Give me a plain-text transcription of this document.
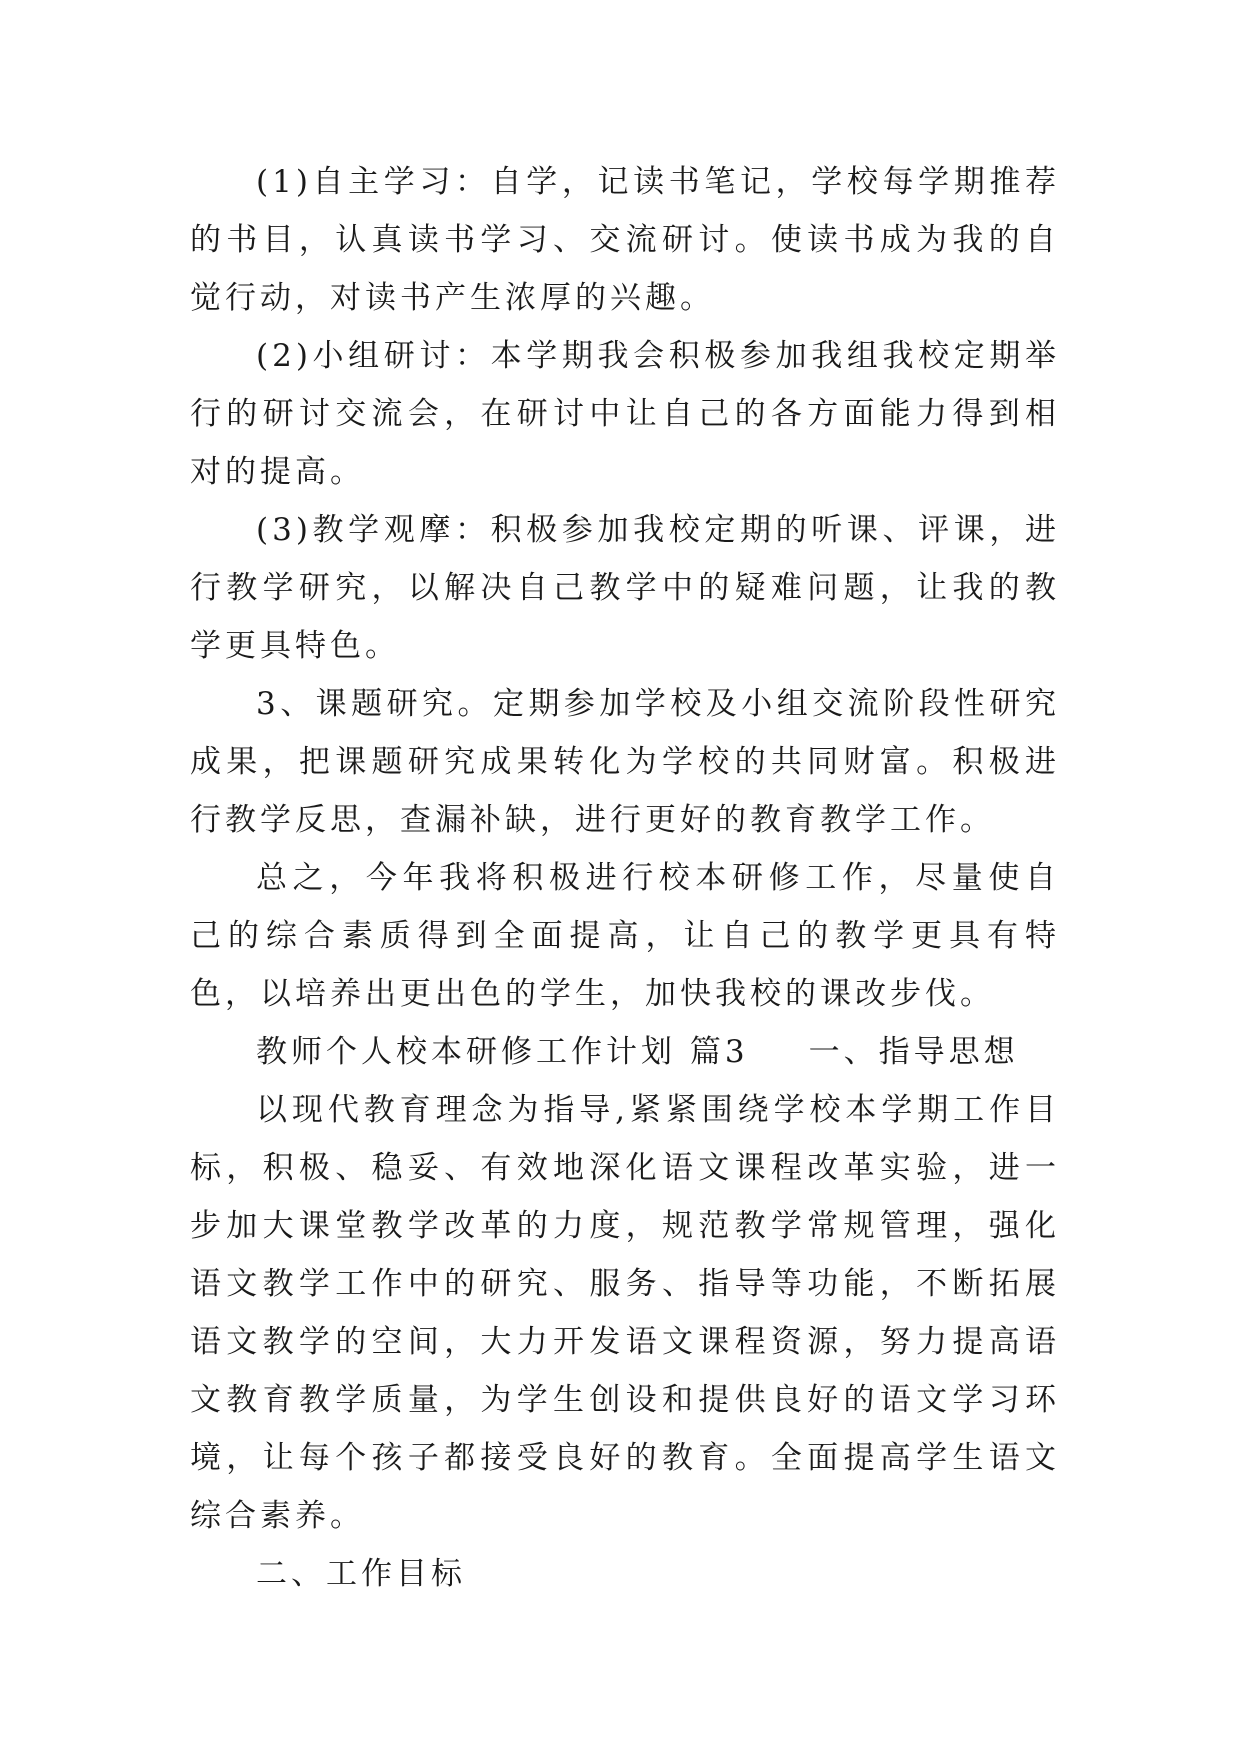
(1)自主学习：自学，记读书笔记，学校每学期推荐的书目，认真读书学习、交流研讨。使读书成为我的自觉行动，对读书产生浓厚的兴趣。

(2)小组研讨：本学期我会积极参加我组我校定期举行的研讨交流会，在研讨中让自己的各方面能力得到相对的提高。

(3)教学观摩：积极参加我校定期的听课、评课，进行教学研究，以解决自己教学中的疑难问题，让我的教学更具特色。

3、课题研究。定期参加学校及小组交流阶段性研究成果，把课题研究成果转化为学校的共同财富。积极进行教学反思，查漏补缺，进行更好的教育教学工作。

总之，今年我将积极进行校本研修工作，尽量使自己的综合素质得到全面提高，让自己的教学更具有特色，以培养出更出色的学生，加快我校的课改步伐。

教师个人校本研修工作计划 篇3 一、指导思想

以现代教育理念为指导,紧紧围绕学校本学期工作目标，积极、稳妥、有效地深化语文课程改革实验，进一步加大课堂教学改革的力度，规范教学常规管理，强化语文教学工作中的研究、服务、指导等功能，不断拓展语文教学的空间，大力开发语文课程资源，努力提高语文教育教学质量，为学生创设和提供良好的语文学习环境，让每个孩子都接受良好的教育。全面提高学生语文综合素养。

二、工作目标
